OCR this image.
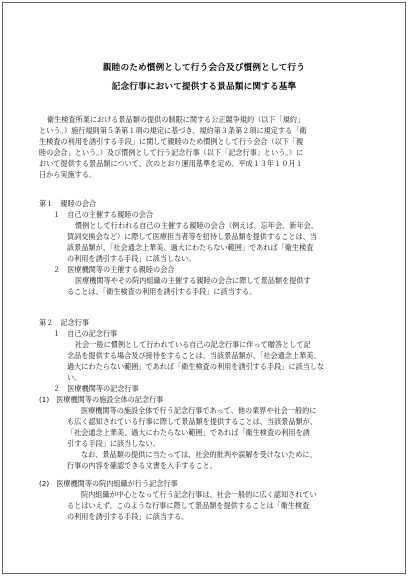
親睦のため慣例として行う会合及び慣例として行う
記念行事において提供する景品類に関する基準

衛生検査所業における景品類の提供の制限に関する公正競争規約（以下「規約」

という。）施行規則第５条第１項の規定に基づき、規約第３条第２項に規定する「衛

生検査の利用を誘引する手段」に関して親睦のため慣例として行う会合（以下「親

睦の会合」という。）及び慣例として行う記念行事（以下「記念行事」という。）に

おいて提供する景品類について、次のとおり運用基準を定め、平成１３年１０月１

日から実施する。

第１　親睦の会合

１　自己の主催する親睦の会合

慣例として行われる自己の主催する親睦の会合（例えば、忘年会、新年会、

賀詞交換会など）に際して医療担当者等を招待し景品類を提供することは、当

該景品類が、「社会通念上華美、過大にわたらない範囲」であれば「衛生検査

の利用を誘引する手段」に該当しない。

２　医療機関等の主催する親睦の会合

医療機関等やその院内組織の主催する親睦の会合に際して景品類を提供す

ることは、「衛生検査の利用を誘引する手段」に該当する。

第２　記念行事

１　自己の記念行事

社会一般に慣例として行われている自己の記念行事に伴って贈答として記

念品を提供する場合及び接待をすることは、当該景品類が、「社会通念上華美、

過大にわたらない範囲」であれば「衛生検査の利用を誘引する手段」に該当しな

い。

２　医療機関等の記念行事

(1)　医療機関等の施設全体の記念行事

医療機関等の施設全体で行う記念行事であって、他の業界や社会一般的に

も広く認知されている行事に際して景品類を提供することは、当該景品類が、

「社会通念上華美、過大にわたらない範囲」であれば「衛生検査の利用を誘

引する手段」に該当しない。

なお、景品類の提供に当たっては、社会的批判や誤解を受けないために、

行事の内容を確認できる文書を入手すること。

(2)　医療機関等の院内組織が行う記念行事

院内組織が中心となって行う記念行事は、社会一般的に広く認知されてい

るとはいえず、このような行事に際して景品類を提供することは「衛生検査

の利用を誘引する手段」に該当する。
